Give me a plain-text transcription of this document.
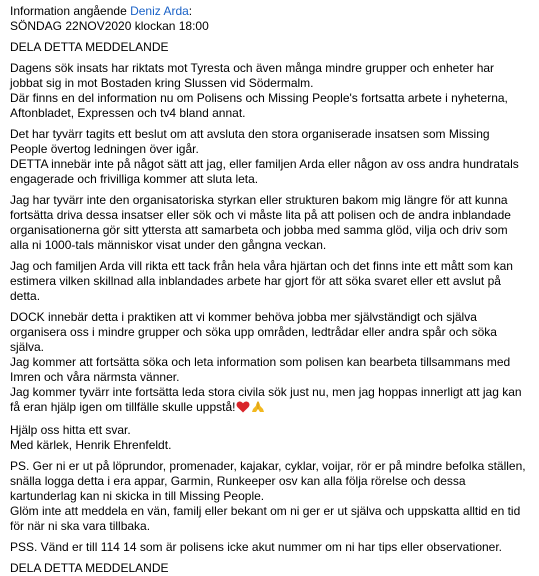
Information angående Deniz Arda:
SÖNDAG 22NOV2020 klockan 18:00

DELA DETTA MEDDELANDE

Dagens sök insats har riktats mot Tyresta och även många mindre grupper och enheter har jobbat sig in mot Bostaden kring Slussen vid Södermalm.
Där finns en del information nu om Polisens och Missing People's fortsatta arbete i nyheterna, Aftonbladet, Expressen och tv4 bland annat.

Det har tyvärr tagits ett beslut om att avsluta den stora organiserade insatsen som Missing People övertog ledningen över igår.
DETTA innebär inte på något sätt att jag, eller familjen Arda eller någon av oss andra hundratals engagerade och frivilliga kommer att sluta leta.

Jag har tyvärr inte den organisatoriska styrkan eller strukturen bakom mig längre för att kunna fortsätta driva dessa insatser eller sök och vi måste lita på att polisen och de andra inblandade organisationerna gör sitt yttersta att samarbeta och jobba med samma glöd, vilja och driv som alla ni 1000-tals människor visat under den gångna veckan.

Jag och familjen Arda vill rikta ett tack från hela våra hjärtan och det finns inte ett mått som kan estimera vilken skillnad alla inblandades arbete har gjort för att söka svaret eller ett avslut på detta.

DOCK innebär detta i praktiken att vi kommer behöva jobba mer självständigt och själva organisera oss i mindre grupper och söka upp områden, ledtrådar eller andra spår och söka själva.
Jag kommer att fortsätta söka och leta information som polisen kan bearbeta tillsammans med Imren och våra närmsta vänner.
Jag kommer tyvärr inte fortsätta leda stora civila sök just nu, men jag hoppas innerligt att jag kan få eran hjälp igen om tillfälle skulle uppstå!

Hjälp oss hitta ett svar.
Med kärlek, Henrik Ehrenfeldt.

PS. Ger ni er ut på löprundor, promenader, kajakar, cyklar, voijar, rör er på mindre befolka ställen, snälla logga detta i era appar, Garmin, Runkeeper osv kan alla följa rörelse och dessa kartunderlag kan ni skicka in till Missing People.
Glöm inte att meddela en vän, familj eller bekant om ni ger er ut själva och uppskatta alltid en tid för när ni ska vara tillbaka.

PSS. Vänd er till 114 14 som är polisens icke akut nummer om ni har tips eller observationer.

DELA DETTA MEDDELANDE
